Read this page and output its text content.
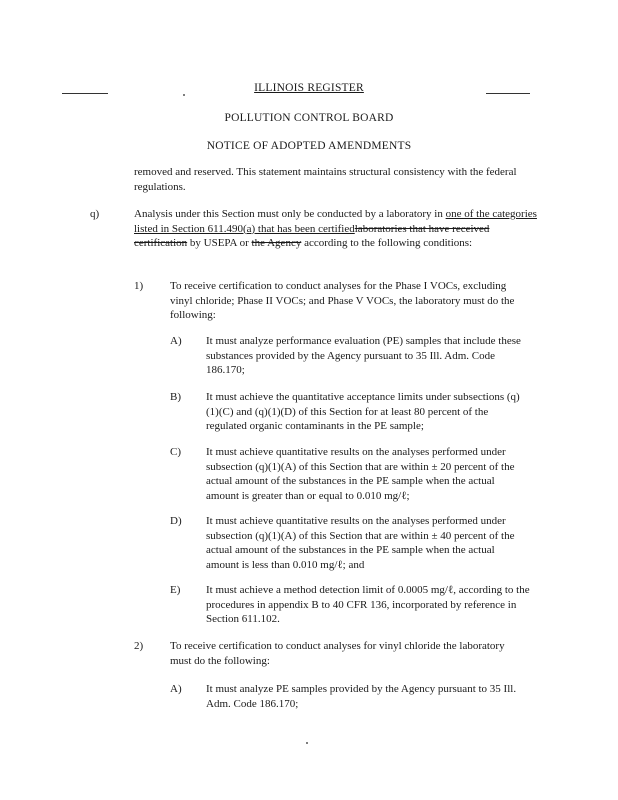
ILLINOIS REGISTER
POLLUTION CONTROL BOARD
NOTICE OF ADOPTED AMENDMENTS
removed and reserved. This statement maintains structural consistency with the federal regulations.
q)	Analysis under this Section must only be conducted by a laboratory in one of the categories listed in Section 611.490(a) that has been certifiedlaboratories that have received certification by USEPA or the Agency according to the following conditions:
1) To receive certification to conduct analyses for the Phase I VOCs, excluding vinyl chloride; Phase II VOCs; and Phase V VOCs, the laboratory must do the following:
A) It must analyze performance evaluation (PE) samples that include these substances provided by the Agency pursuant to 35 Ill. Adm. Code 186.170;
B) It must achieve the quantitative acceptance limits under subsections (q)(1)(C) and (q)(1)(D) of this Section for at least 80 percent of the regulated organic contaminants in the PE sample;
C) It must achieve quantitative results on the analyses performed under subsection (q)(1)(A) of this Section that are within ± 20 percent of the actual amount of the substances in the PE sample when the actual amount is greater than or equal to 0.010 mg/ℓ;
D) It must achieve quantitative results on the analyses performed under subsection (q)(1)(A) of this Section that are within ± 40 percent of the actual amount of the substances in the PE sample when the actual amount is less than 0.010 mg/ℓ; and
E) It must achieve a method detection limit of 0.0005 mg/ℓ, according to the procedures in appendix B to 40 CFR 136, incorporated by reference in Section 611.102.
2) To receive certification to conduct analyses for vinyl chloride the laboratory must do the following:
A) It must analyze PE samples provided by the Agency pursuant to 35 Ill. Adm. Code 186.170;
